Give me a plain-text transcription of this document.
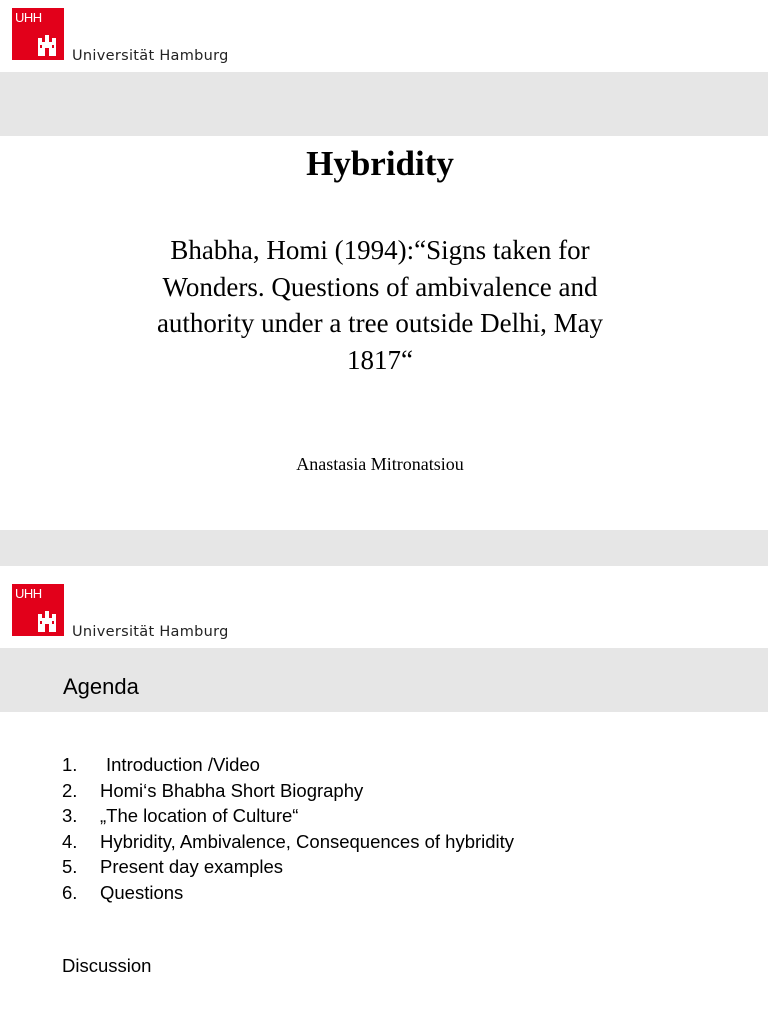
UHH
Universität Hamburg
Hybridity
Bhabha, Homi (1994):“Signs taken for
Wonders. Questions of ambivalence and
authority under a tree outside Delhi, May
1817“
Anastasia Mitronatsiou
UHH
Universität Hamburg
Agenda
1. Introduction /Video
2. Homi‘s Bhabha Short Biography
3. „The location of Culture“
4. Hybridity, Ambivalence, Consequences of hybridity
5. Present day examples
6. Questions
Discussion
